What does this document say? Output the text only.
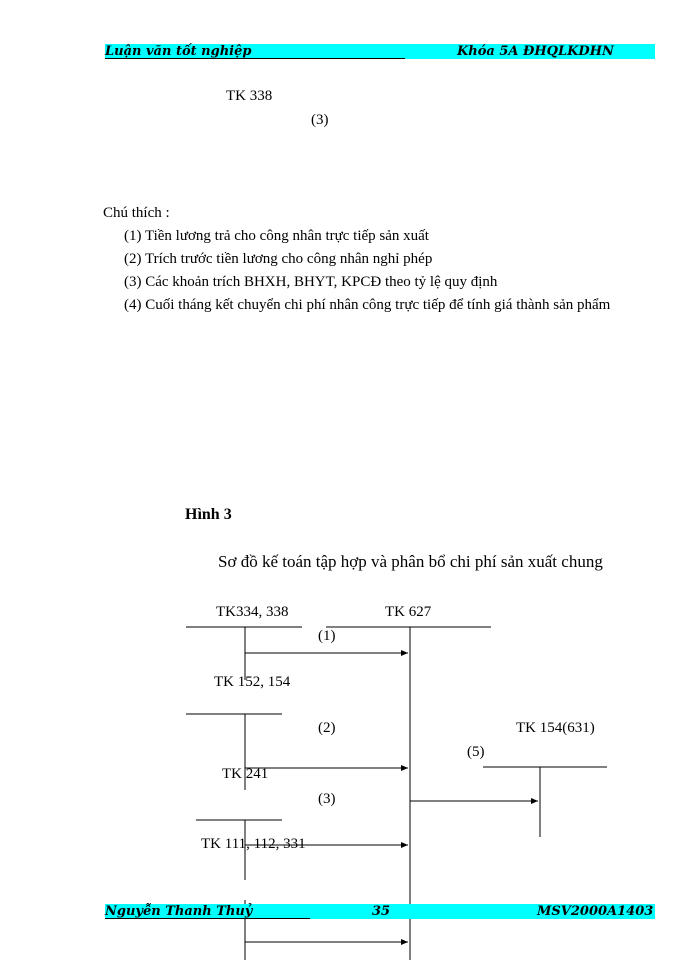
Luận văn tốt nghiệp	Khóa 5A ĐHQLKDHN
TK 338
(3)
Chú thích :
(1) Tiền lương trả cho công nhân trực tiếp sản xuất
(2) Trích trước tiền lương cho công nhân nghỉ phép
(3) Các khoản trích BHXH, BHYT, KPCĐ theo tỷ lệ quy định
(4) Cuối tháng kết chuyển chi phí nhân công trực tiếp để tính giá thành sản phẩm
Hình 3
Sơ đồ kế toán tập hợp và phân bổ chi phí sản xuất chung
TK334, 338	TK 627
(1)
TK 152, 154
(2)	TK 154(631)
(5)
TK 241
(3)
TK 111, 112, 331
Nguyễn Thanh Thuỷ	35	MSV2000A1403
